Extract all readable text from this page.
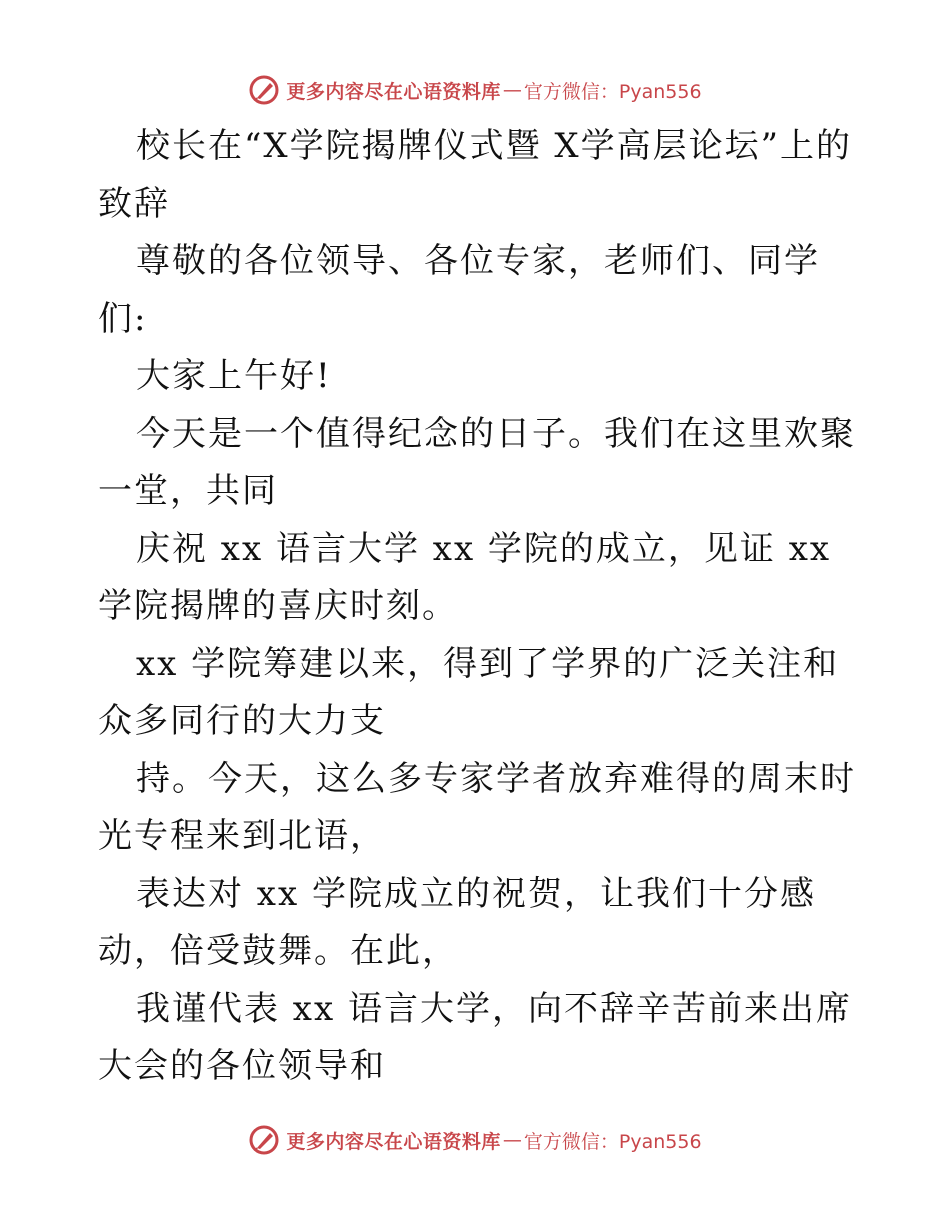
更多内容尽在心语资料库 — 官方微信：Pyan556

校长在“X学院揭牌仪式暨 X学高层论坛”上的致辞

尊敬的各位领导、各位专家，老师们、同学们:

大家上午好!

今天是一个值得纪念的日子。我们在这里欢聚一堂，共同

庆祝 xx 语言大学 xx 学院的成立，见证 xx 学院揭牌的喜庆时刻。

xx 学院筹建以来，得到了学界的广泛关注和众多同行的大力支

持。今天，这么多专家学者放弃难得的周末时光专程来到北语，

表达对 xx 学院成立的祝贺，让我们十分感动，倍受鼓舞。在此，

我谨代表 xx 语言大学，向不辞辛苦前来出席大会的各位领导和

更多内容尽在心语资料库 — 官方微信：Pyan556
